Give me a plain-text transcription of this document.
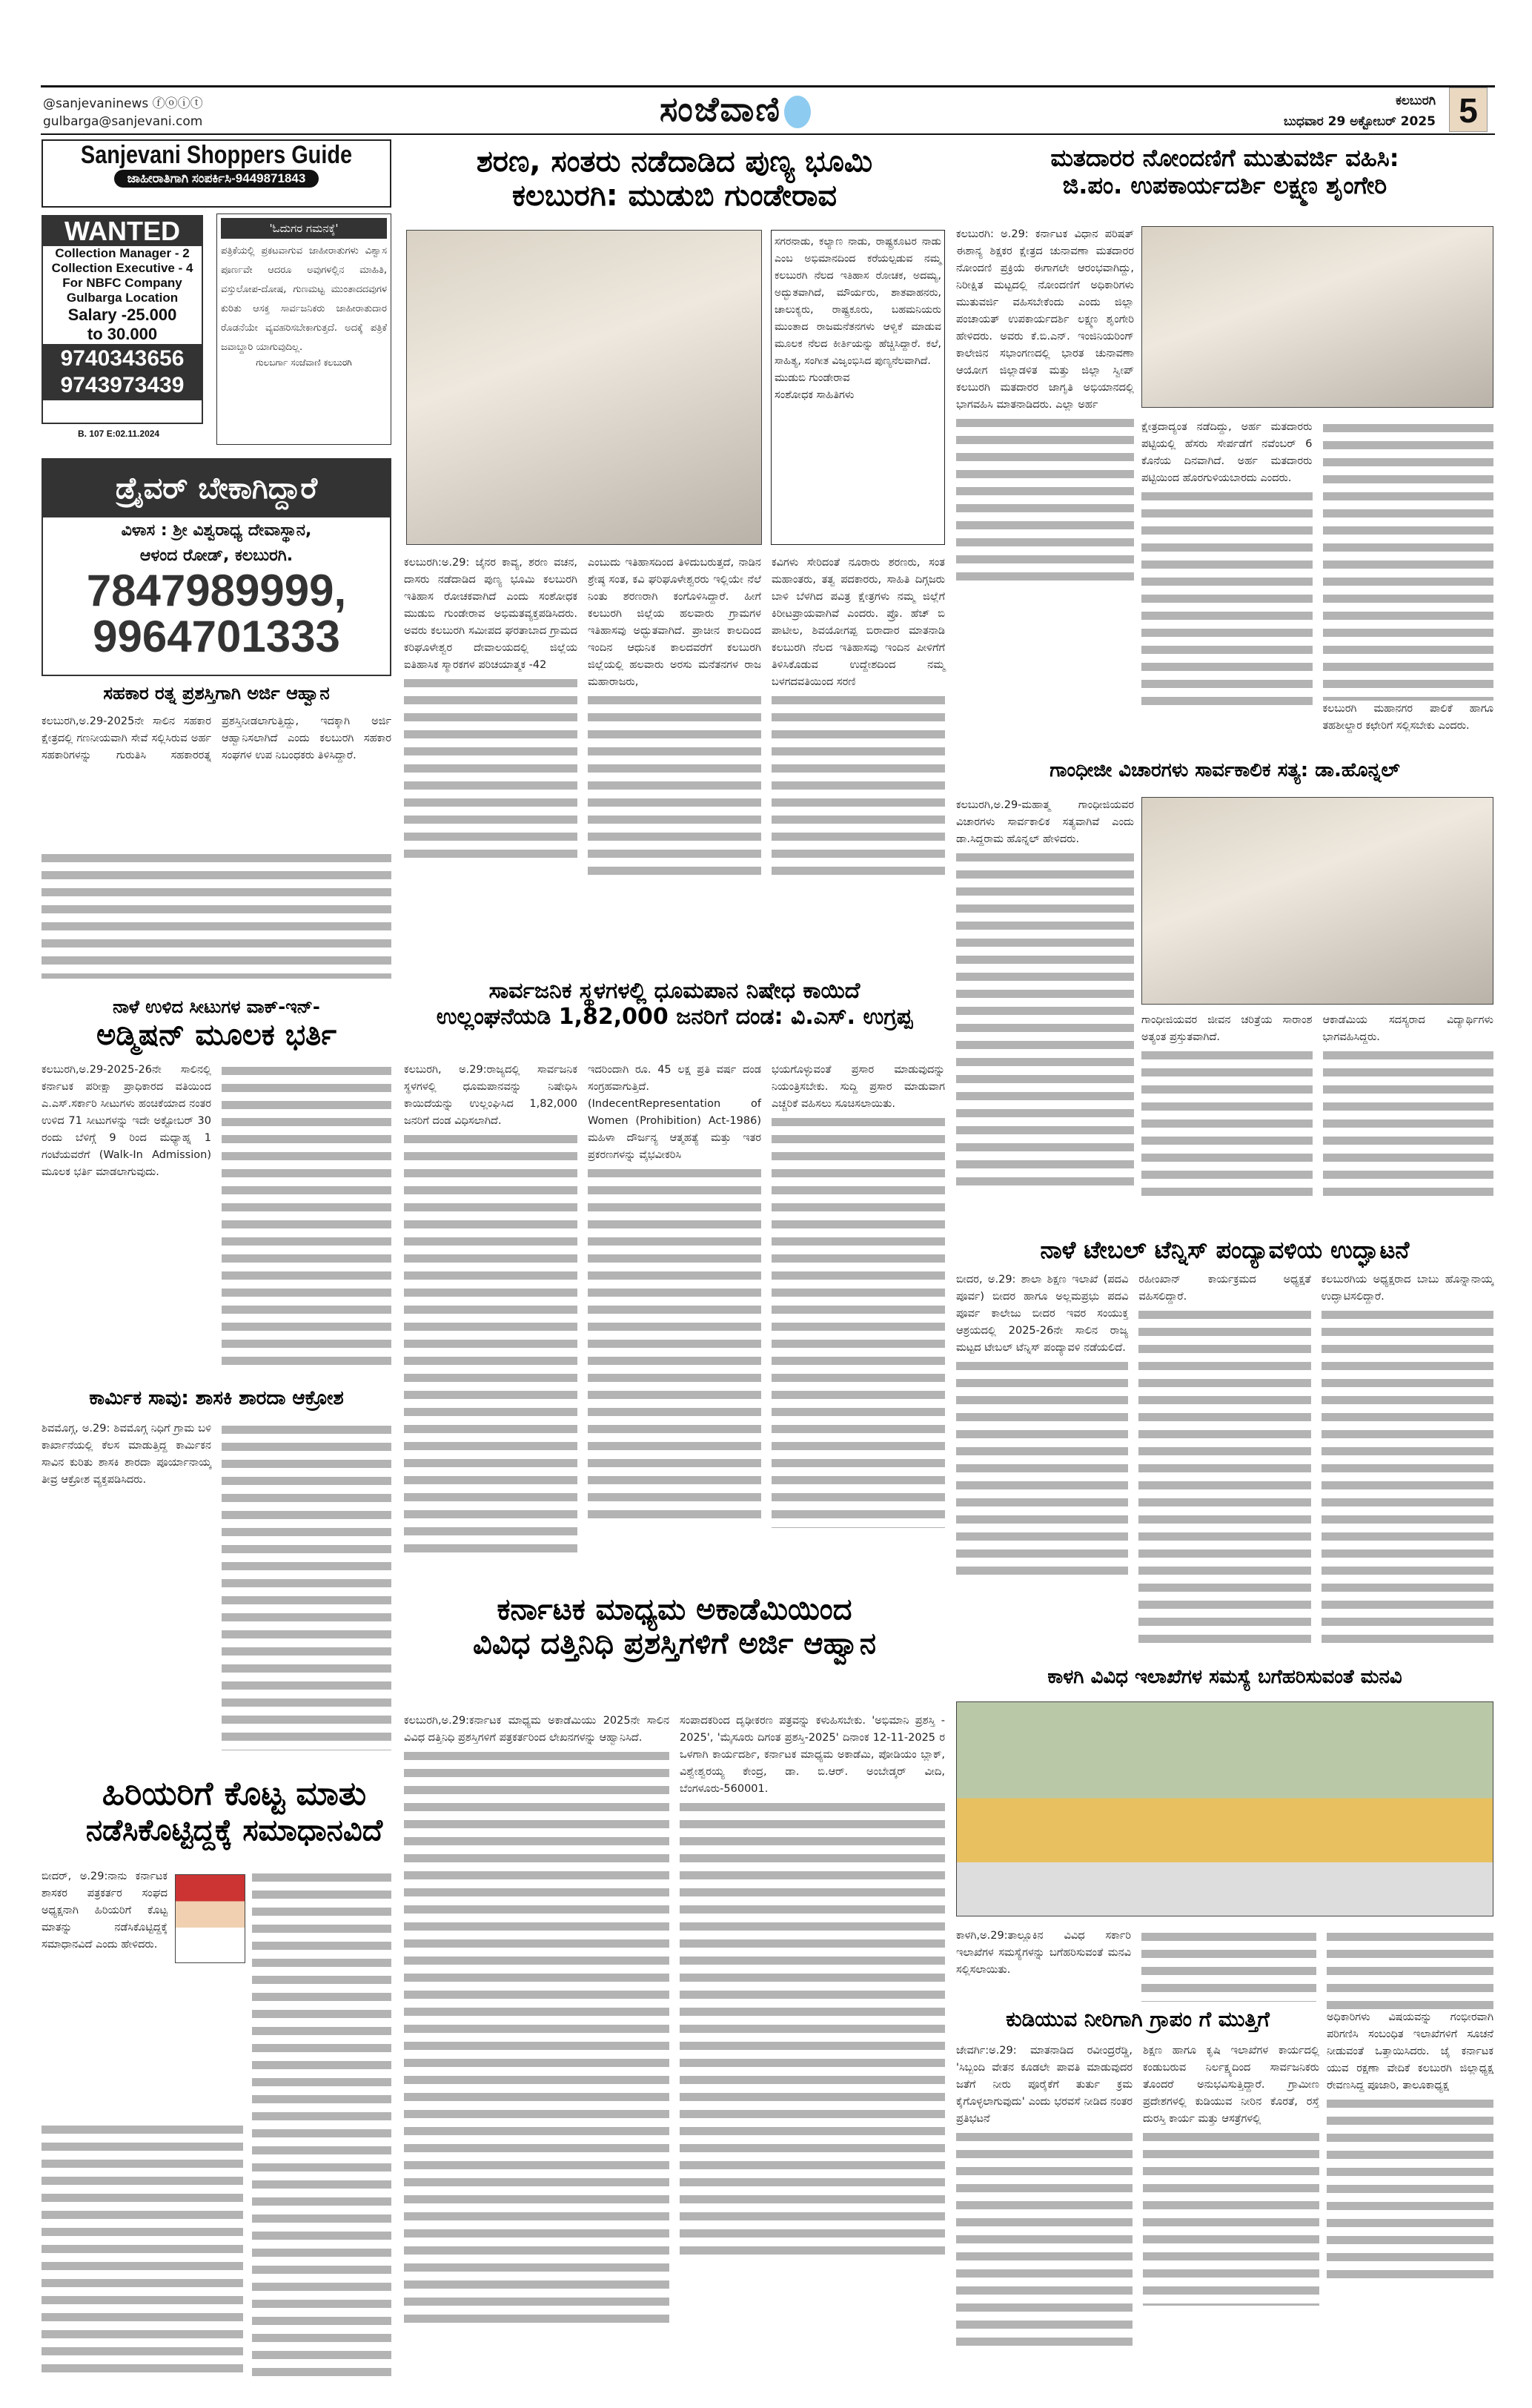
@sanjevaninews ⓕⓞⓘⓣ
gulbarga@sanjevani.com	ಸಂಜೆವಾಣಿ	ಕಲಬುರಗಿ
ಬುಧವಾರ 29 ಅಕ್ಟೋಬರ್ 2025 5
Sanjevani Shoppers Guide
ಜಾಹೀರಾತಿಗಾಗಿ ಸಂಪರ್ಕಿಸಿ-9449871843
WANTED
Collection Manager - 2
Collection Executive - 4
For NBFC Company
Gulbarga Location
Salary -25.000
to 30.000
9740343656
9743973439
B. 107 E:02.11.2024
'ಓದುಗರ ಗಮನಕ್ಕೆ'
ಪತ್ರಿಕೆಯಲ್ಲಿ ಪ್ರಕಟವಾಗುವ ಜಾಹೀರಾತುಗಳು ವಿಶ್ವಾಸ ಪೂರ್ಣವೇ ಆದರೂ ಅವುಗಳಲ್ಲಿನ ಮಾಹಿತಿ, ವಸ್ತುಲೋಪ-ದೋಷ, ಗುಣಮಟ್ಟ ಮುಂತಾದದವುಗಳ ಕುರಿತು ಆಸಕ್ತ ಸಾರ್ವಜನಿಕರು ಜಾಹೀರಾತುದಾರ ರೊಡನೆಯೇ ವ್ಯವಹರಿಸಬೇಕಾಗುತ್ತದೆ. ಅದಕ್ಕೆ ಪತ್ರಿಕೆ ಜವಾಬ್ದಾರಿ ಯಾಗುವುದಿಲ್ಲ.
ಗುಲಬರ್ಗಾ ಸಂಜೆವಾಣಿ ಕಲಬುರಗಿ
ಡ್ರೈವರ್ ಬೇಕಾಗಿದ್ದಾರೆ
ವಿಳಾಸ : ಶ್ರೀ ವಿಶ್ವರಾಧ್ಯ ದೇವಾಸ್ಥಾನ,
ಆಳಂದ ರೋಡ್, ಕಲಬುರಗಿ.
7847989999,
9964701333
ಸಹಕಾರ ರತ್ನ ಪ್ರಶಸ್ತಿಗಾಗಿ ಅರ್ಜಿ ಆಹ್ವಾನ
ಕಲಬುರಗಿ,ಅ.29-2025ನೇ ಸಾಲಿನ ಸಹಕಾರ ಕ್ಷೇತ್ರದಲ್ಲಿ ಗಣನೀಯವಾಗಿ ಸೇವೆ ಸಲ್ಲಿಸಿರುವ ಅರ್ಹ ಸಹಕಾರಿಗಳನ್ನು ಗುರುತಿಸಿ ಸಹಕಾರರತ್ನ ಪ್ರಶಸ್ತಿನೀಡಲಾಗುತ್ತಿದ್ದು, ಇದಕ್ಕಾಗಿ ಅರ್ಜಿ ಆಹ್ವಾನಿಸಲಾಗಿದೆ ಎಂದು ಕಲಬುರಗಿ ಸಹಕಾರ ಸಂಘಗಳ ಉಪ ನಿಬಂಧಕರು ತಿಳಿಸಿದ್ದಾರೆ.
ನಾಳೆ ಉಳಿದ ಸೀಟುಗಳ ವಾಕ್-ಇನ್-
ಅಡ್ಮಿಷನ್ ಮೂಲಕ ಭರ್ತಿ
ಕಲಬುರಗಿ,ಅ.29-2025-26ನೇ ಸಾಲಿನಲ್ಲಿ ಕರ್ನಾಟಕ ಪರೀಕ್ಷಾ ಪ್ರಾಧಿಕಾರದ ವತಿಯಿಂದ ಎ.ಎಸ್.ಸರ್ಕಾರಿ ಸೀಟುಗಳು ಹಂಚಿಕೆಯಾದ ನಂತರ ಉಳಿದ 71 ಸೀಟುಗಳನ್ನು ಇದೇ ಅಕ್ಟೋಬರ್ 30 ರಂದು ಬೆಳಿಗ್ಗೆ 9 ರಿಂದ ಮಧ್ಯಾಹ್ನ 1 ಗಂಟೆಯವರೆಗೆ (Walk-In Admission) ಮೂಲಕ ಭರ್ತಿ ಮಾಡಲಾಗುವುದು.
ಕಾರ್ಮಿಕ ಸಾವು: ಶಾಸಕಿ ಶಾರದಾ ಆಕ್ರೋಶ
ಶಿವಮೊಗ್ಗ, ಅ.29: ಶಿವಮೊಗ್ಗ ನಿಧಿಗೆ ಗ್ರಾಮ ಬಳಿ ಕಾರ್ಖಾನೆಯಲ್ಲಿ ಕೆಲಸ ಮಾಡುತ್ತಿದ್ದ ಕಾರ್ಮಿಕನ ಸಾವಿನ ಕುರಿತು ಶಾಸಕಿ ಶಾರದಾ ಪೂರ್ಯಾನಾಯ್ಕ ತೀವ್ರ ಆಕ್ರೋಶ ವ್ಯಕ್ತಪಡಿಸಿದರು.
ಹಿರಿಯರಿಗೆ ಕೊಟ್ಟ ಮಾತು
ನಡೆಸಿಕೊಟ್ಟಿದ್ದಕ್ಕೆ ಸಮಾಧಾನವಿದೆ
ಬೀದರ್, ಅ.29:ನಾನು ಕರ್ನಾಟಕ ಶಾಸಕರ ಪತ್ರಕರ್ತರ ಸಂಘದ ಅಧ್ಯಕ್ಷನಾಗಿ ಹಿರಿಯರಿಗೆ ಕೊಟ್ಟ ಮಾತನ್ನು ನಡೆಸಿಕೊಟ್ಟಿದ್ದಕ್ಕೆ ಸಮಾಧಾನವಿದೆ ಎಂದು ಹೇಳಿದರು.
ಶರಣ, ಸಂತರು ನಡೆದಾಡಿದ ಪುಣ್ಯ ಭೂಮಿ
ಕಲಬುರಗಿ: ಮುಡುಬಿ ಗುಂಡೇರಾವ
ಸಗರನಾಡು, ಕಲ್ಯಾಣ ನಾಡು, ರಾಷ್ಟ್ರಕೂಟರ ನಾಡು ಎಂಬ ಅಭಿಮಾನದಿಂದ ಕರೆಯಲ್ಪಡುವ ನಮ್ಮ ಕಲಬುರಗಿ ನೆಲದ ಇತಿಹಾಸ ರೋಚಕ, ಅದಮ್ಯ, ಅದ್ಭುತವಾಗಿದೆ, ಮೌರ್ಯರು, ಶಾತವಾಹನರು, ಚಾಲುಕ್ಯರು, ರಾಷ್ಟ್ರಕೂರು, ಬಹಮನಿಯರು ಮುಂತಾದ ರಾಜಮನೆತನಗಳು ಆಳ್ವಿಕೆ ಮಾಡುವ ಮೂಲಕ ನೆಲದ ಕೀರ್ತಿಯನ್ನು ಹೆಚ್ಚಿಸಿದ್ದಾರೆ. ಕಲೆ, ಸಾಹಿತ್ಯ, ಸಂಗೀತ ವಿಜೃಂಭಿಸಿದ ಪುಣ್ಯನೆಲವಾಗಿದೆ.
ಮುಡುಬಿ ಗುಂಡೇರಾವ
ಸಂಶೋಧಕ ಸಾಹಿತಿಗಳು
ಕಲಬುರಗಿ:ಅ.29: ಜೈನರ ಕಾವ್ಯ, ಶರಣ ವಚನ, ದಾಸರು ನಡೆದಾಡಿದ ಪುಣ್ಯ ಭೂಮಿ ಕಲಬುರಗಿ ಇತಿಹಾಸ ರೋಚಕವಾಗಿದೆ ಎಂದು ಸಂಶೋಧಕ ಮುಡುಬಿ ಗುಂಡೇರಾವ ಅಭಿಮತವ್ಯಕ್ತಪಡಿಸಿದರು. ಅವರು ಕಲಬುರಗಿ ಸಮೀಪದ ಘರತಾಬಾದ ಗ್ರಾಮದ ಕರಿಘೂಳೇಶ್ವರ ದೇವಾಲಯದಲ್ಲಿ ಜಿಲ್ಲೆಯ ಐತಿಹಾಸಿಕ ಸ್ಮಾರಕಗಳ ಪರಿಚಯಾತ್ಮಕ -42
ಎಂಬುದು ಇತಿಹಾಸದಿಂದ ತಿಳಿದುಬರುತ್ತದೆ, ನಾಡಿನ ಶ್ರೇಷ್ಠ ಸಂತ, ಕವಿ ಘರಿಘೂಳೇಶ್ವರರು ಇಲ್ಲಿಯೇ ನೆಲೆ ನಿಂತು ಶರಣರಾಗಿ ಕಂಗೊಳಿಸಿದ್ದಾರೆ. ಹೀಗೆ ಕಲಬುರಗಿ ಜಿಲ್ಲೆಯ ಹಲವಾರು ಗ್ರಾಮಗಳ ಇತಿಹಾಸವು ಅದ್ಭುತವಾಗಿದೆ. ಪ್ರಾಚೀನ ಕಾಲದಿಂದ ಇಂದಿನ ಆಧುನಿಕ ಕಾಲದವರೆಗೆ ಕಲಬುರಗಿ ಜಿಲ್ಲೆಯಲ್ಲಿ ಹಲವಾರು ಅರಸು ಮನೆತನಗಳ ರಾಜ ಮಹಾರಾಜರು,
ಕವಿಗಳು ಸೇರಿದಂತೆ ನೂರಾರು ಶರಣರು, ಸಂತ ಮಹಾಂತರು, ತತ್ವ ಪದಕಾರರು, ಸಾಹಿತಿ ದಿಗ್ಗಜರು ಬಾಳಿ ಬೆಳಗಿದ ಪವಿತ್ರ ಕ್ಷೇತ್ರಗಳು ನಮ್ಮ ಜಿಲ್ಲೆಗೆ ಕಿರೀಟಪ್ರಾಯವಾಗಿವೆ ಎಂದರು. ಪ್ರೊ. ಹೆಚ್ ಬಿ ಪಾಟೀಲ, ಶಿವಯೋಗಪ್ಪ ಬಿರಾದಾರ ಮಾತನಾಡಿ ಕಲಬುರಗಿ ನೆಲದ ಇತಿಹಾಸವು ಇಂದಿನ ಪೀಳಿಗೆಗೆ ತಿಳಿಸಿಕೊಡುವ ಉದ್ದೇಶದಿಂದ ನಮ್ಮ ಬಳಗದವತಿಯಿಂದ ಸರಣಿ
ಸಾರ್ವಜನಿಕ ಸ್ಥಳಗಳಲ್ಲಿ ಧೂಮಪಾನ ನಿಷೇಧ ಕಾಯಿದೆ
ಉಲ್ಲಂಘನೆಯಡಿ 1,82,000 ಜನರಿಗೆ ದಂಡ: ವಿ.ಎಸ್. ಉಗ್ರಪ್ಪ
ಕಲಬುರಗಿ, ಅ.29:ರಾಜ್ಯದಲ್ಲಿ ಸಾರ್ವಜನಿಕ ಸ್ಥಳಗಳಲ್ಲಿ ಧೂಮಪಾನವನ್ನು ನಿಷೇಧಿಸಿ ಕಾಯಿದೆಯನ್ನು ಉಲ್ಲಂಘಿಸಿದ 1,82,000 ಜನರಿಗೆ ದಂಡ ವಿಧಿಸಲಾಗಿದೆ.
ಇದರಿಂದಾಗಿ ರೂ. 45 ಲಕ್ಷ ಪ್ರತಿ ವರ್ಷ ದಂಡ ಸಂಗ್ರಹವಾಗುತ್ತಿದೆ. (IndecentRepresentation of Women (Prohibition) Act-1986) ಮಹಿಳಾ ದೌರ್ಜನ್ಯ ಆತ್ಮಹತ್ಯೆ ಮತ್ತು ಇತರ ಪ್ರಕರಣಗಳನ್ನು ವೈಭವೀಕರಿಸಿ
ಭಯಗೊಳ್ಳುವಂತೆ ಪ್ರಸಾರ ಮಾಡುವುದನ್ನು ನಿಯಂತ್ರಿಸಬೇಕು. ಸುದ್ದಿ ಪ್ರಸಾರ ಮಾಡುವಾಗ ಎಚ್ಚರಿಕೆ ವಹಿಸಲು ಸೂಚಿಸಲಾಯಿತು.
ಕರ್ನಾಟಕ ಮಾಧ್ಯಮ ಅಕಾಡೆಮಿಯಿಂದ
ವಿವಿಧ ದತ್ತಿನಿಧಿ ಪ್ರಶಸ್ತಿಗಳಿಗೆ ಅರ್ಜಿ ಆಹ್ವಾನ
ಕಲಬುರಗಿ,ಅ.29:ಕರ್ನಾಟಕ ಮಾಧ್ಯಮ ಅಕಾಡೆಮಿಯು 2025ನೇ ಸಾಲಿನ ವಿವಿಧ ದತ್ತಿನಿಧಿ ಪ್ರಶಸ್ತಿಗಳಿಗೆ ಪತ್ರಕರ್ತರಿಂದ ಲೇಖನಗಳನ್ನು ಆಹ್ವಾನಿಸಿದೆ.
ಸಂಪಾದಕರಿಂದ ದೃಢೀಕರಣ ಪತ್ರವನ್ನು ಕಳುಹಿಸಬೇಕು. 'ಅಭಿಮಾನಿ ಪ್ರಶಸ್ತಿ - 2025', 'ಮೈಸೂರು ದಿಗಂತ ಪ್ರಶಸ್ತಿ-2025' ದಿನಾಂಕ 12-11-2025 ರ ಒಳಗಾಗಿ ಕಾರ್ಯದರ್ಶಿ, ಕರ್ನಾಟಕ ಮಾಧ್ಯಮ ಅಕಾಡೆಮಿ, ಪೋಡಿಯಂ ಬ್ಲಾಕ್, ವಿಶ್ವೇಶ್ವರಯ್ಯ ಕೇಂದ್ರ, ಡಾ. ಬಿ.ಆರ್. ಅಂಬೇಡ್ಕರ್ ವೀದಿ, ಬೆಂಗಳೂರು-560001.
ಮತದಾರರ ನೋಂದಣಿಗೆ ಮುತುವರ್ಜಿ ವಹಿಸಿ:
ಜಿ.ಪಂ. ಉಪಕಾರ್ಯದರ್ಶಿ ಲಕ್ಷ್ಮಣ ಶೃಂಗೇರಿ
ಕಲಬುರಗಿ: ಅ.29: ಕರ್ನಾಟಕ ವಿಧಾನ ಪರಿಷತ್ ಈಶಾನ್ಯ ಶಿಕ್ಷಕರ ಕ್ಷೇತ್ರದ ಚುನಾವಣಾ ಮತದಾರರ ನೋಂದಣಿ ಪ್ರಕ್ರಿಯೆ ಈಗಾಗಲೇ ಆರಂಭವಾಗಿದ್ದು, ನಿರೀಕ್ಷಿತ ಮಟ್ಟದಲ್ಲಿ ನೋಂದಣಿಗೆ ಅಧಿಕಾರಿಗಳು ಮುತುವರ್ಜಿ ವಹಿಸಬೇಕೆಂದು ಎಂದು ಜಿಲ್ಲಾ ಪಂಚಾಯತ್ ಉಪಕಾರ್ಯದರ್ಶಿ ಲಕ್ಷ್ಮಣ ಶೃಂಗೇರಿ ಹೇಳಿದರು. ಅವರು ಕೆ.ಬಿ.ಎನ್. ಇಂಜಿನಿಯರಿಂಗ್ ಕಾಲೇಜಿನ ಸಭಾಂಗಣದಲ್ಲಿ ಭಾರತ ಚುನಾವಣಾ ಆಯೋಗ ಜಿಲ್ಲಾಡಳಿತ ಮತ್ತು ಜಿಲ್ಲಾ ಸ್ವೀಪ್ ಕಲಬುರಗಿ ಮತದಾರರ ಜಾಗೃತಿ ಅಭಿಯಾನದಲ್ಲಿ ಭಾಗವಹಿಸಿ ಮಾತನಾಡಿದರು. ಎಲ್ಲಾ ಅರ್ಹ
ಕ್ಷೇತ್ರದಾದ್ಯಂತ ನಡೆದಿದ್ದು, ಅರ್ಹ ಮತದಾರರು ಪಟ್ಟಿಯಲ್ಲಿ ಹೆಸರು ಸೇರ್ಪಡೆಗೆ ನವೆಂಬರ್ 6 ಕೊನೆಯ ದಿನವಾಗಿದೆ. ಅರ್ಹ ಮತದಾರರು ಪಟ್ಟಿಯಿಂದ ಹೊರಗುಳಿಯಬಾರದು ಎಂದರು.
ಕಲಬುರಗಿ ಮಹಾನಗರ ಪಾಲಿಕೆ ಹಾಗೂ ತಹಶೀಲ್ದಾರ ಕಛೇರಿಗೆ ಸಲ್ಲಿಸಬೇಕು ಎಂದರು.
ಗಾಂಧೀಜೀ ವಿಚಾರಗಳು ಸಾರ್ವಕಾಲಿಕ ಸತ್ಯ: ಡಾ.ಹೊನ್ನಲ್
ಕಲಬುರಗಿ,ಅ.29-ಮಹಾತ್ಮ ಗಾಂಧೀಜಿಯವರ ವಿಚಾರಗಳು ಸಾರ್ವಕಾಲಿಕ ಸತ್ಯವಾಗಿವೆ ಎಂದು ಡಾ.ಸಿದ್ದರಾಮ ಹೊನ್ನಲ್ ಹೇಳಿದರು.
ಗಾಂಧೀಜಿಯವರ ಜೀವನ ಚರಿತ್ರೆಯ ಸಾರಾಂಶ ಅತ್ಯಂತ ಪ್ರಸ್ತುತವಾಗಿದೆ.
ಆಕಾಡೆಮಿಯ ಸದಸ್ಯರಾದ ವಿದ್ಯಾರ್ಥಿಗಳು ಭಾಗವಹಿಸಿದ್ದರು.
ನಾಳೆ ಟೇಬಲ್ ಟೆನ್ನಿಸ್ ಪಂದ್ಯಾವಳಿಯ ಉದ್ಘಾಟನೆ
ಬೀದರ, ಅ.29: ಶಾಲಾ ಶಿಕ್ಷಣ ಇಲಾಖೆ (ಪದವಿ ಪೂರ್ವ) ಬೀದರ ಹಾಗೂ ಅಲ್ಲಮಪ್ರಭು ಪದವಿ ಪೂರ್ವ ಕಾಲೇಜು ಬೀದರ ಇವರ ಸಂಯುಕ್ತ ಆಶ್ರಯದಲ್ಲಿ 2025-26ನೇ ಸಾಲಿನ ರಾಜ್ಯ ಮಟ್ಟದ ಟೇಬಲ್ ಟೆನ್ನಿಸ್ ಪಂದ್ಯಾವಳಿ ನಡೆಯಲಿದೆ.
ರಹೀಂಖಾನ್ ಕಾರ್ಯಕ್ರಮದ ಅಧ್ಯಕ್ಷತೆ ವಹಿಸಲಿದ್ದಾರೆ.
ಕಲಬುರಗಿಯ ಅಧ್ಯಕ್ಷರಾದ ಬಾಬು ಹೊನ್ನಾನಾಯ್ಕ ಉದ್ಘಾಟಿಸಲಿದ್ದಾರೆ.
ಕಾಳಗಿ ವಿವಿಧ ಇಲಾಖೆಗಳ ಸಮಸ್ಯೆ ಬಗೆಹರಿಸುವಂತೆ ಮನವಿ
ಕಾಳಗಿ,ಅ.29:ತಾಲ್ಲೂಕಿನ ವಿವಿಧ ಸರ್ಕಾರಿ ಇಲಾಖೆಗಳ ಸಮಸ್ಯೆಗಳನ್ನು ಬಗೆಹರಿಸುವಂತೆ ಮನವಿ ಸಲ್ಲಿಸಲಾಯಿತು.
ಅಧಿಕಾರಿಗಳು ವಿಷಯವನ್ನು ಗಂಭೀರವಾಗಿ ಪರಿಗಣಿಸಿ ಸಂಬಂಧಿತ ಇಲಾಖೆಗಳಿಗೆ ಸೂಚನೆ ನೀಡುವಂತೆ ಒತ್ತಾಯಿಸಿದರು. ಜೈ ಕರ್ನಾಟಕ ಯುವ ರಕ್ಷಣಾ ವೇದಿಕೆ ಕಲಬುರಗಿ ಜಿಲ್ಲಾಧ್ಯಕ್ಷ ರೇವಣಸಿದ್ದ ಪೂಜಾರಿ, ತಾಲೂಕಾಧ್ಯಕ್ಷ
ಕುಡಿಯುವ ನೀರಿಗಾಗಿ ಗ್ರಾಪಂ ಗೆ ಮುತ್ತಿಗೆ
ಜೇವರ್ಗಿ:ಅ.29: ಮಾತನಾಡಿದ ರವೀಂದ್ರರೆಡ್ಡಿ, 'ಸಿಬ್ಬಂದಿ ವೇತನ ಕೂಡಲೇ ಪಾವತಿ ಮಾಡುವುದರ ಜತೆಗೆ ನೀರು ಪೂರೈಕೆಗೆ ತುರ್ತು ಕ್ರಮ ಕೈಗೊಳ್ಳಲಾಗುವುದು' ಎಂದು ಭರವಸೆ ನೀಡಿದ ನಂತರ ಪ್ರತಿಭಟನೆ
ಶಿಕ್ಷಣ ಹಾಗೂ ಕೃಷಿ ಇಲಾಖೆಗಳ ಕಾರ್ಯದಲ್ಲಿ ಕಂಡುಬರುವ ನಿರ್ಲಕ್ಷ್ಯದಿಂದ ಸಾರ್ವಜನಿಕರು ತೊಂದರೆ ಅನುಭವಿಸುತ್ತಿದ್ದಾರೆ. ಗ್ರಾಮೀಣ ಪ್ರದೇಶಗಳಲ್ಲಿ ಕುಡಿಯುವ ನೀರಿನ ಕೊರತೆ, ರಸ್ತೆ ದುರಸ್ತಿ ಕಾರ್ಯ ಮತ್ತು ಆಸತ್ರೆಗಳಲ್ಲಿ
